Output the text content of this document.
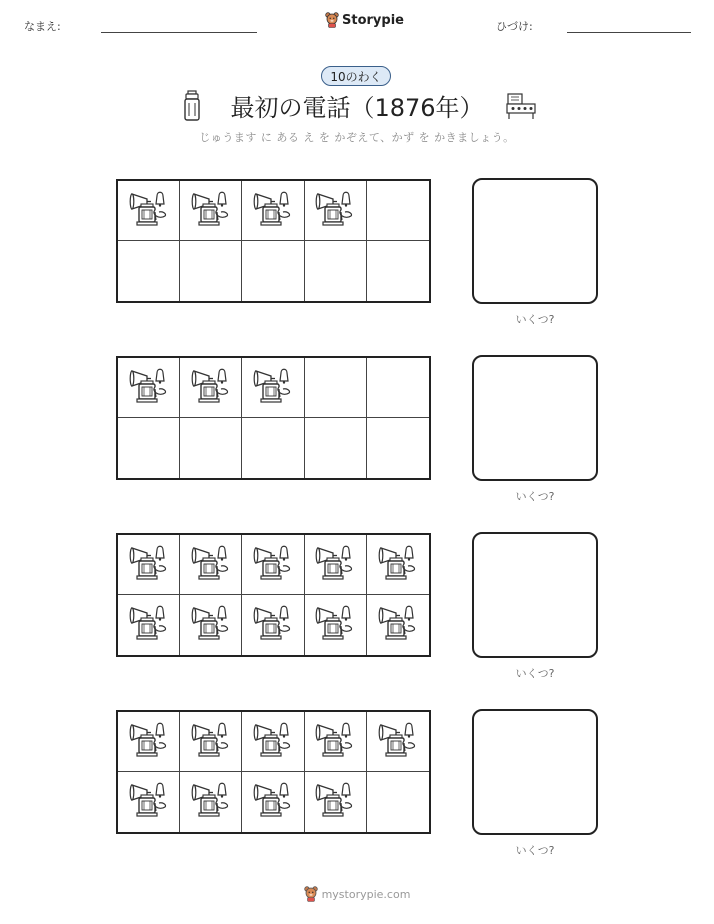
なまえ:	Storypie	ひづけ:
10のわく
最初の電話（1876年）
じゅうます に ある え を かぞえて、かず を かきましょう。
いくつ?
いくつ?
いくつ?
いくつ?
mystorypie.com
